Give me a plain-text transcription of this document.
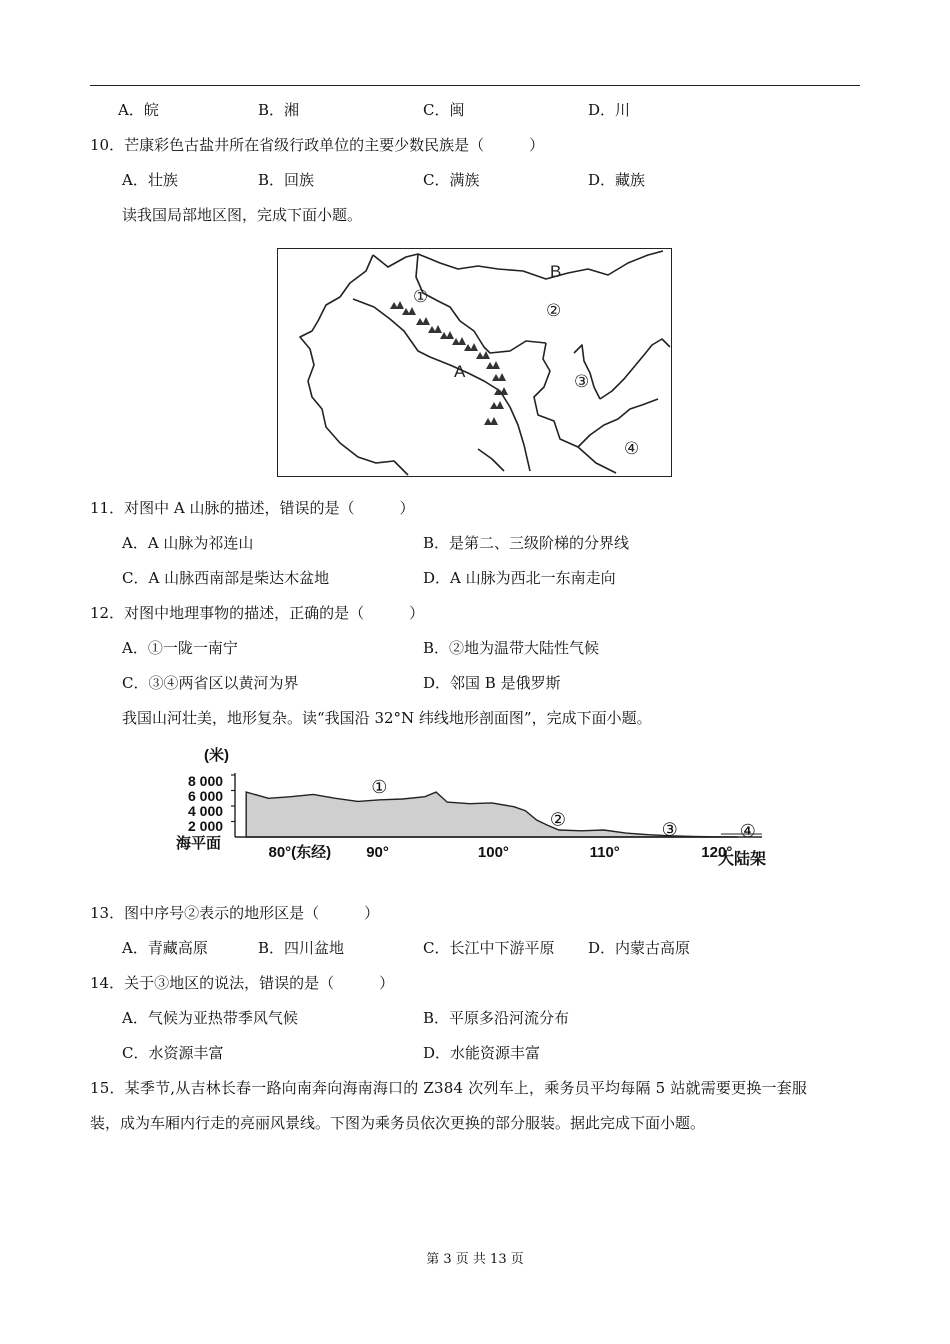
A．皖	B．湘	C．闽	D．川
10．芒康彩色古盐井所在省级行政单位的主要少数民族是（　　　）
A．壮族	B．回族	C．满族	D．藏族
读我国局部地区图，完成下面小题。
B
①
②
③
④
A
11．对图中 A 山脉的描述，错误的是（　　　）
A．A 山脉为祁连山	B．是第二、三级阶梯的分界线
C．A 山脉西南部是柴达木盆地	D．A 山脉为西北一东南走向
12．对图中地理事物的描述，正确的是（　　　）
A．①一陇一南宁	B．②地为温带大陆性气候
C．③④两省区以黄河为界	D．邻国 B 是俄罗斯
我国山河壮美，地形复杂。读“我国沿 32°N 纬线地形剖面图”，完成下面小题。
(米)
8 000
6 000
4 000
2 000
海平面
80°(东经) 90°	100°	110°	120°
大陆架
①
②
③	④
13．图中序号②表示的地形区是（　　　）
A．青藏高原	B．四川盆地	C．长江中下游平原 D．内蒙古高原
14．关于③地区的说法，错误的是（　　　）
A．气候为亚热带季风气候	B．平原多沿河流分布
C．水资源丰富	D．水能资源丰富
15．某季节,从吉林长春一路向南奔向海南海口的 Z384 次列车上，乘务员平均每隔 5 站就需要更换一套服
装，成为车厢内行走的亮丽风景线。下图为乘务员依次更换的部分服装。据此完成下面小题。
第 3 页 共 13 页
